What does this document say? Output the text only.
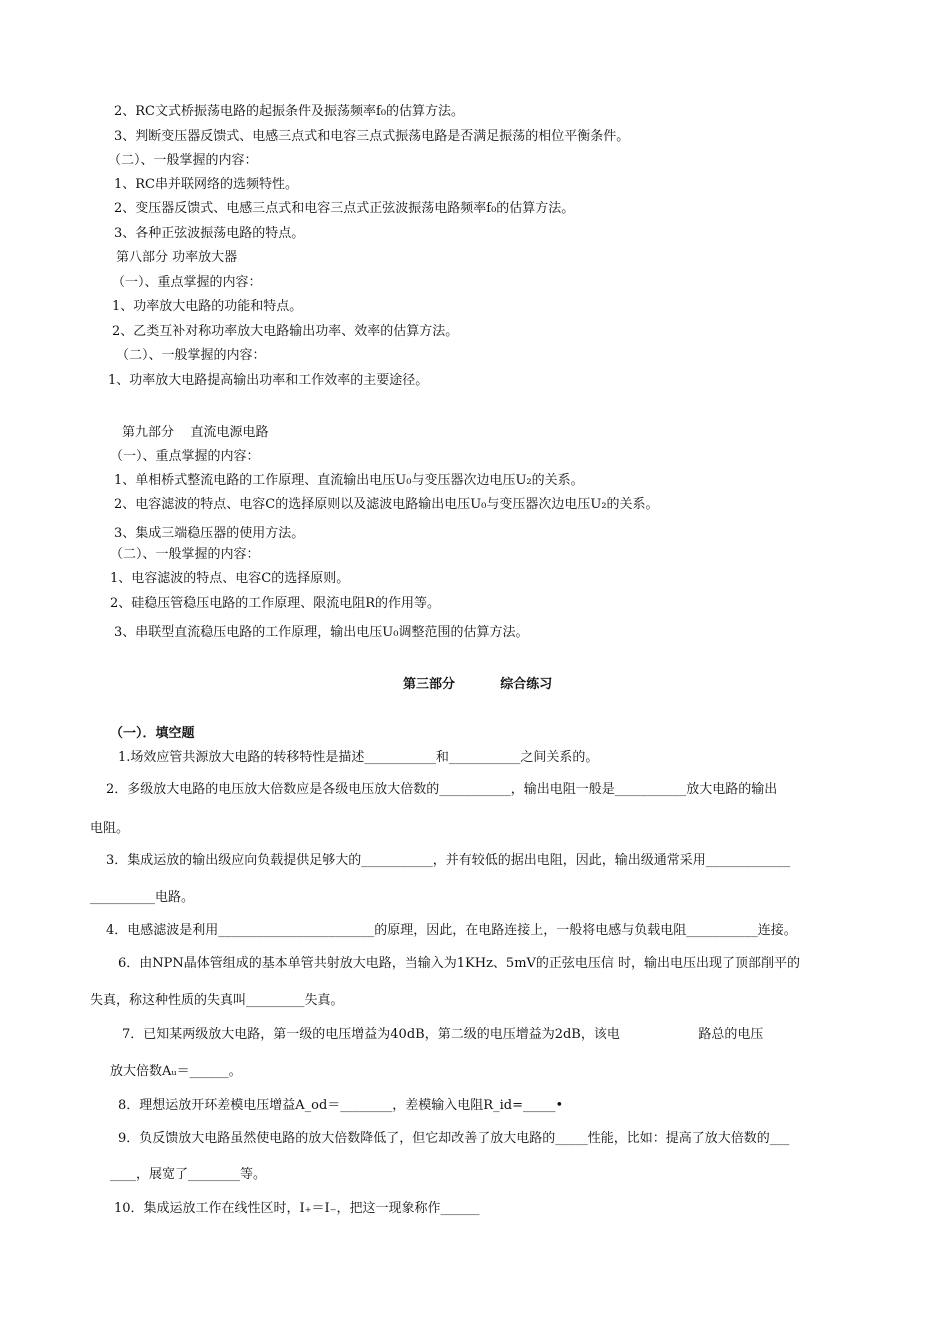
2、RC文式桥振荡电路的起振条件及振荡频率f₀的估算方法。
3、判断变压器反馈式、电感三点式和电容三点式振荡电路是否满足振荡的相位平衡条件。
（二）、一般掌握的内容：
1、RC串并联网络的选频特性。
2、变压器反馈式、电感三点式和电容三点式正弦波振荡电路频率f₀的估算方法。
3、各种正弦波振荡电路的特点。
第八部分 功率放大器
（一）、重点掌握的内容：
1、功率放大电路的功能和特点。
2、乙类互补对称功率放大电路输出功率、效率的估算方法。
（二）、一般掌握的内容：
1、功率放大电路提高输出功率和工作效率的主要途径。
第九部分    直流电源电路
（一）、重点掌握的内容：
1、单相桥式整流电路的工作原理、直流输出电压U₀与变压器次边电压U₂的关系。
2、电容滤波的特点、电容C的选择原则以及滤波电路输出电压U₀与变压器次边电压U₂的关系。
3、集成三端稳压器的使用方法。
（二）、一般掌握的内容：
1、电容滤波的特点、电容C的选择原则。
2、硅稳压管稳压电路的工作原理、限流电阻R的作用等。
3、串联型直流稳压电路的工作原理，输出电压U₀调整范围的估算方法。
第三部分          综合练习
（一）．填空题
1.场效应管共源放大电路的转移特性是描述___________和___________之间关系的。
2．多级放大电路的电压放大倍数应是各级电压放大倍数的___________，输出电阻一般是___________放大电路的输出
电阻。
3．集成运放的输出级应向负载提供足够大的___________，并有较低的据出电阻，因此，输出级通常采用_____________
__________电路。
4．电感滤波是利用________________________的原理，因此，在电路连接上，一般将电感与负载电阻___________连接。
6．由NPN晶体管组成的基本单管共射放大电路，当输入为1KHz、5mV的正弦电压信 时，输出电压出现了顶部削平的
失真，称这种性质的失真叫_________失真。
7．已知某两级放大电路，第一级的电压增益为40dB，第二级的电压增益为2dB，该电                   路总的电压
放大倍数Aᵤ＝______。
8．理想运放开环差模电压增益A_od＝________，差模输入电阻R_id=_____•
9．负反馈放大电路虽然使电路的放大倍数降低了，但它却改善了放大电路的_____性能，比如：提高了放大倍数的___
____，展宽了________等。
10．集成运放工作在线性区时，I₊＝I₋，把这一现象称作______
